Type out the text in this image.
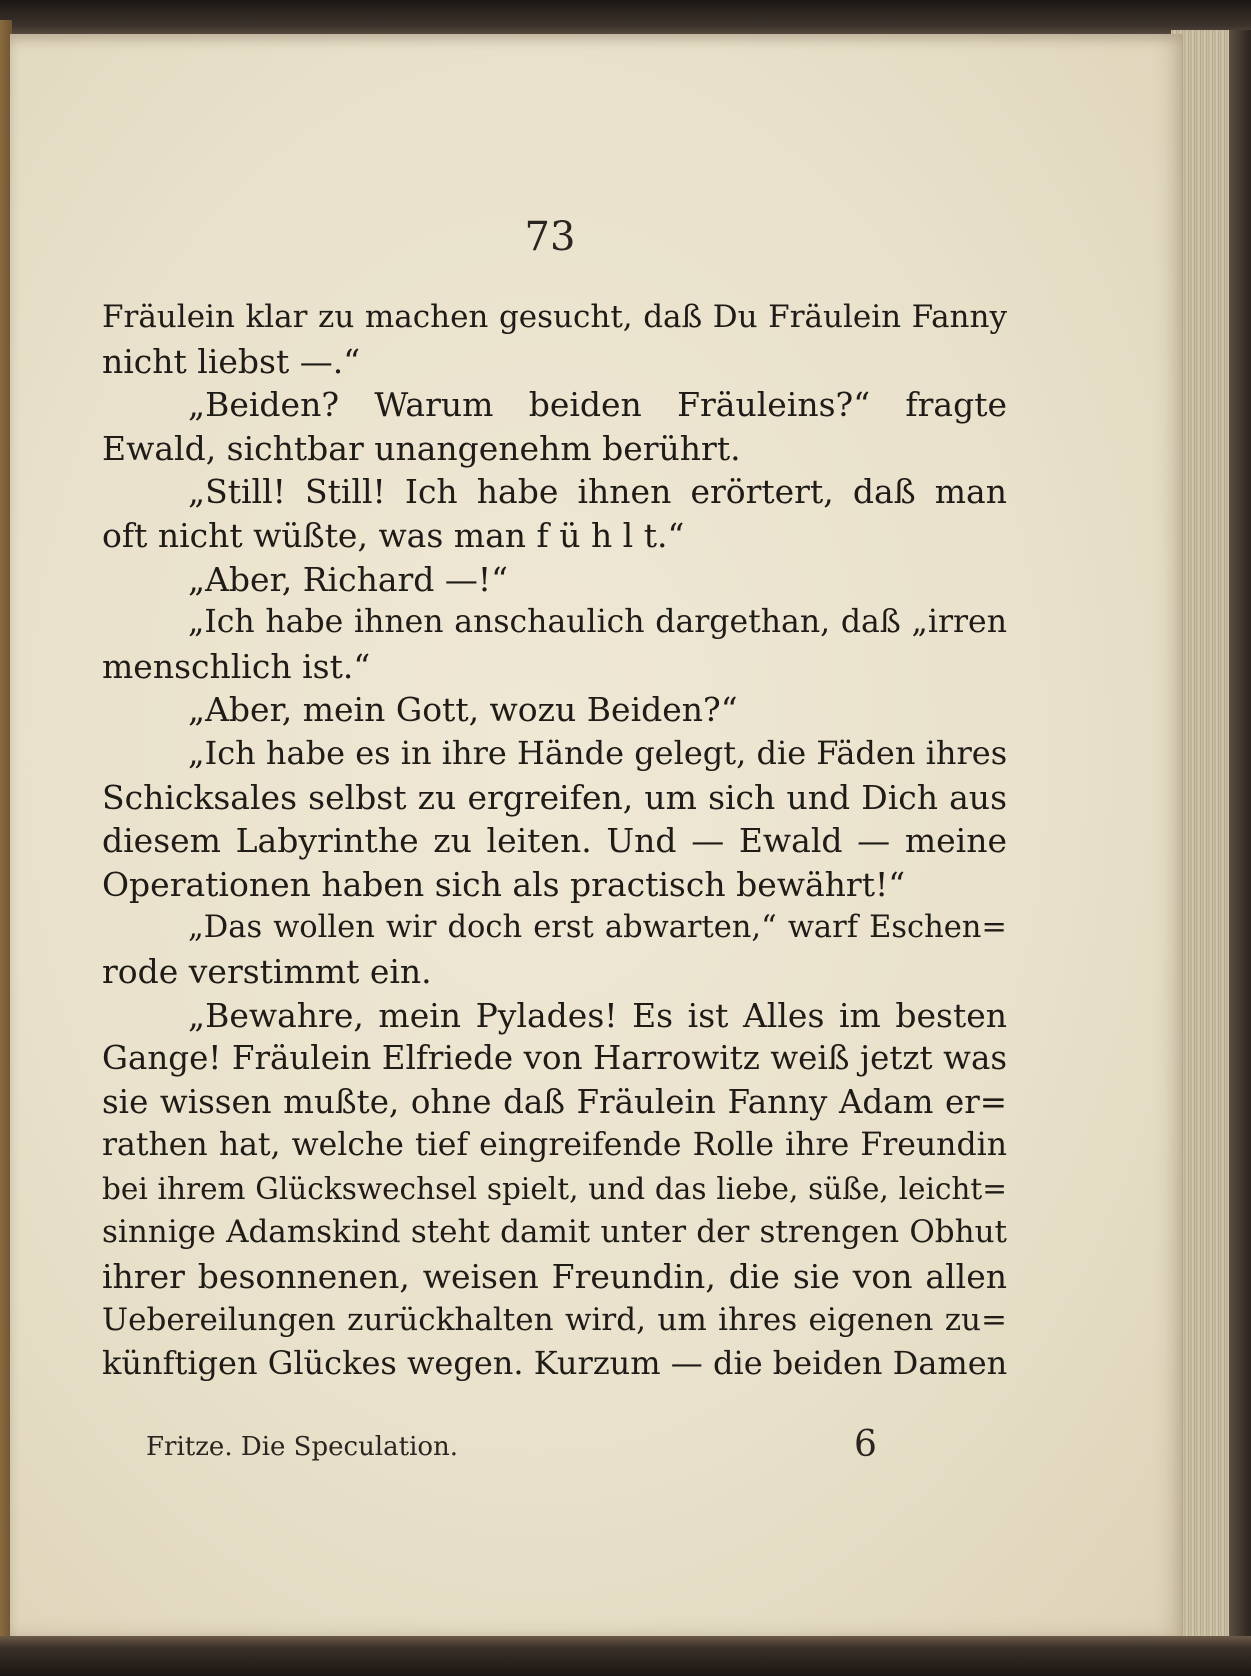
73
Fräulein klar zu machen gesucht, daß Du Fräulein Fanny
nicht liebst —.“
„Beiden? Warum beiden Fräuleins?“ fragte
Ewald, sichtbar unangenehm berührt.
„Still! Still! Ich habe ihnen erörtert, daß man
oft nicht wüßte, was man f ü h l t.“
„Aber, Richard —!“
„Ich habe ihnen anschaulich dargethan, daß „irren
menschlich ist.“
„Aber, mein Gott, wozu Beiden?“
„Ich habe es in ihre Hände gelegt, die Fäden ihres
Schicksales selbst zu ergreifen, um sich und Dich aus
diesem Labyrinthe zu leiten. Und — Ewald — meine
Operationen haben sich als practisch bewährt!“
„Das wollen wir doch erst abwarten,“ warf Eschen=
rode verstimmt ein.
„Bewahre, mein Pylades! Es ist Alles im besten
Gange! Fräulein Elfriede von Harrowitz weiß jetzt was
sie wissen mußte, ohne daß Fräulein Fanny Adam er=
rathen hat, welche tief eingreifende Rolle ihre Freundin
bei ihrem Glückswechsel spielt, und das liebe, süße, leicht=
sinnige Adamskind steht damit unter der strengen Obhut
ihrer besonnenen, weisen Freundin, die sie von allen
Uebereilungen zurückhalten wird, um ihres eigenen zu=
künftigen Glückes wegen. Kurzum — die beiden Damen
Fritze. Die Speculation.	6
